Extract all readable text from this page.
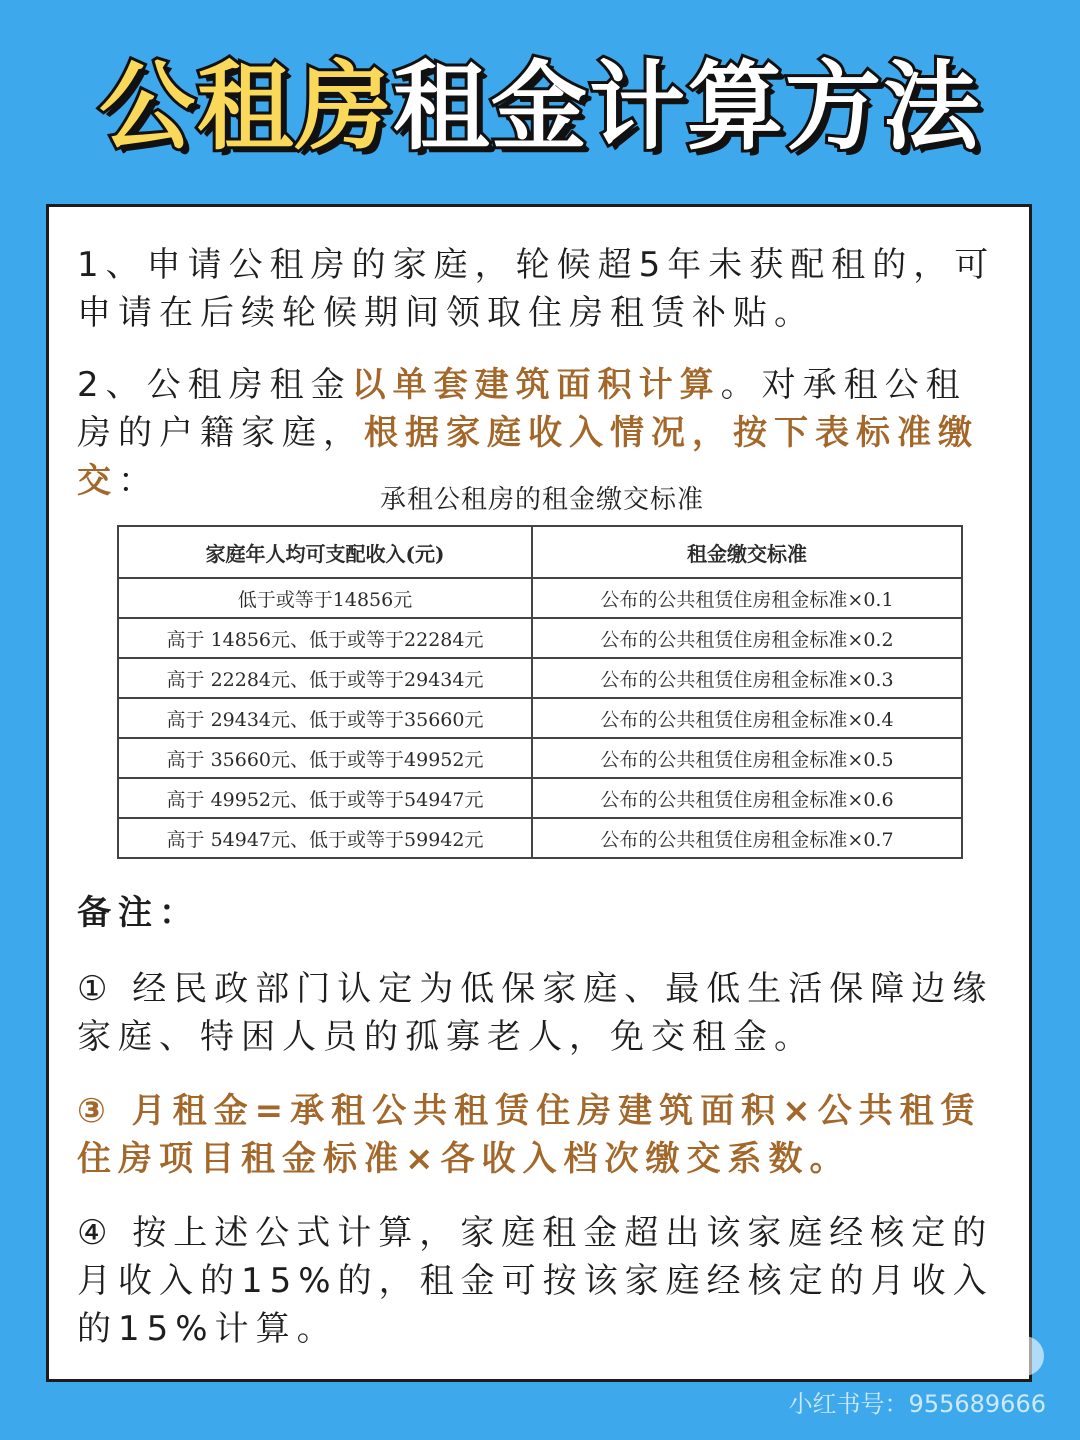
公租房 租金计算方法
1、申请公租房的家庭，轮候超5年未获配租的，可申请在后续轮候期间领取住房租赁补贴。
2、公租房租金以单套建筑面积计算。对承租公租房的户籍家庭，根据家庭收入情况，按下表标准缴交：	承租公租房的租金缴交标准
家庭年人均可支配收入(元)	租金缴交标准
低于或等于14856元	公布的公共租赁住房租金标准×0.1
高于 14856元、低于或等于22284元	公布的公共租赁住房租金标准×0.2
高于 22284元、低于或等于29434元	公布的公共租赁住房租金标准×0.3
高于 29434元、低于或等于35660元	公布的公共租赁住房租金标准×0.4
高于 35660元、低于或等于49952元	公布的公共租赁住房租金标准×0.5
高于 49952元、低于或等于54947元	公布的公共租赁住房租金标准×0.6
高于 54947元、低于或等于59942元	公布的公共租赁住房租金标准×0.7
备注：
① 经民政部门认定为低保家庭、最低生活保障边缘家庭、特困人员的孤寡老人，免交租金。
③ 月租金=承租公共租赁住房建筑面积×公共租赁住房项目租金标准×各收入档次缴交系数。
④ 按上述公式计算，家庭租金超出该家庭经核定的月收入的15%的，租金可按该家庭经核定的月收入的15%计算。
小红书号：955689666
